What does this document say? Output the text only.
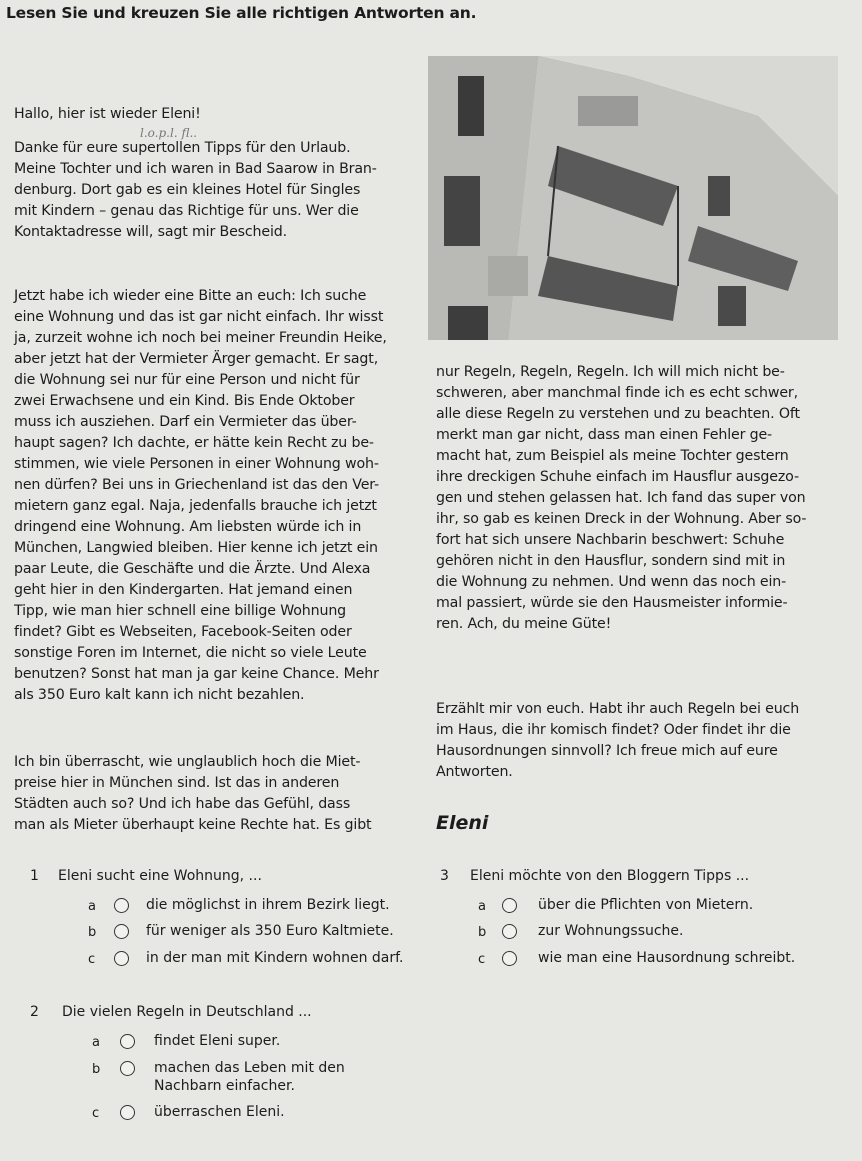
Lesen Sie und kreuzen Sie alle richtigen Antworten an.
Hallo, hier ist wieder Eleni!
l.o.p.l. fl..
Danke für eure supertollen Tipps für den Urlaub.
Meine Tochter und ich waren in Bad Saarow in Bran-
denburg. Dort gab es ein kleines Hotel für Singles
mit Kindern – genau das Richtige für uns. Wer die
Kontaktadresse will, sagt mir Bescheid.
Jetzt habe ich wieder eine Bitte an euch: Ich suche
eine Wohnung und das ist gar nicht einfach. Ihr wisst
ja, zurzeit wohne ich noch bei meiner Freundin Heike,
aber jetzt hat der Vermieter Ärger gemacht. Er sagt,
die Wohnung sei nur für eine Person und nicht für
zwei Erwachsene und ein Kind. Bis Ende Oktober
muss ich ausziehen. Darf ein Vermieter das über-
haupt sagen? Ich dachte, er hätte kein Recht zu be-
stimmen, wie viele Personen in einer Wohnung woh-
nen dürfen? Bei uns in Griechenland ist das den Ver-
mietern ganz egal. Naja, jedenfalls brauche ich jetzt
dringend eine Wohnung. Am liebsten würde ich in
München, Langwied bleiben. Hier kenne ich jetzt ein
paar Leute, die Geschäfte und die Ärzte. Und Alexa
geht hier in den Kindergarten. Hat jemand einen
Tipp, wie man hier schnell eine billige Wohnung
findet? Gibt es Webseiten, Facebook-Seiten oder
sonstige Foren im Internet, die nicht so viele Leute
benutzen? Sonst hat man ja gar keine Chance. Mehr
als 350 Euro kalt kann ich nicht bezahlen.
Ich bin überrascht, wie unglaublich hoch die Miet-
preise hier in München sind. Ist das in anderen
Städten auch so? Und ich habe das Gefühl, dass
man als Mieter überhaupt keine Rechte hat. Es gibt
nur Regeln, Regeln, Regeln. Ich will mich nicht be-
schweren, aber manchmal finde ich es echt schwer,
alle diese Regeln zu verstehen und zu beachten. Oft
merkt man gar nicht, dass man einen Fehler ge-
macht hat, zum Beispiel als meine Tochter gestern
ihre dreckigen Schuhe einfach im Hausflur ausgezo-
gen und stehen gelassen hat. Ich fand das super von
ihr, so gab es keinen Dreck in der Wohnung. Aber so-
fort hat sich unsere Nachbarin beschwert: Schuhe
gehören nicht in den Hausflur, sondern sind mit in
die Wohnung zu nehmen. Und wenn das noch ein-
mal passiert, würde sie den Hausmeister informie-
ren. Ach, du meine Güte!
Erzählt mir von euch. Habt ihr auch Regeln bei euch
im Haus, die ihr komisch findet? Oder findet ihr die
Hausordnungen sinnvoll? Ich freue mich auf eure
Antworten.
Eleni
1 Eleni sucht eine Wohnung, ...
a	die möglichst in ihrem Bezirk liegt.
b	für weniger als 350 Euro Kaltmiete.
c	in der man mit Kindern wohnen darf.
3 Eleni möchte von den Bloggern Tipps ...
a	über die Pflichten von Mietern.
b	zur Wohnungssuche.
c	wie man eine Hausordnung schreibt.
2 Die vielen Regeln in Deutschland ...
a	findet Eleni super.
b	machen das Leben mit den Nachbarn einfacher.
c	überraschen Eleni.
